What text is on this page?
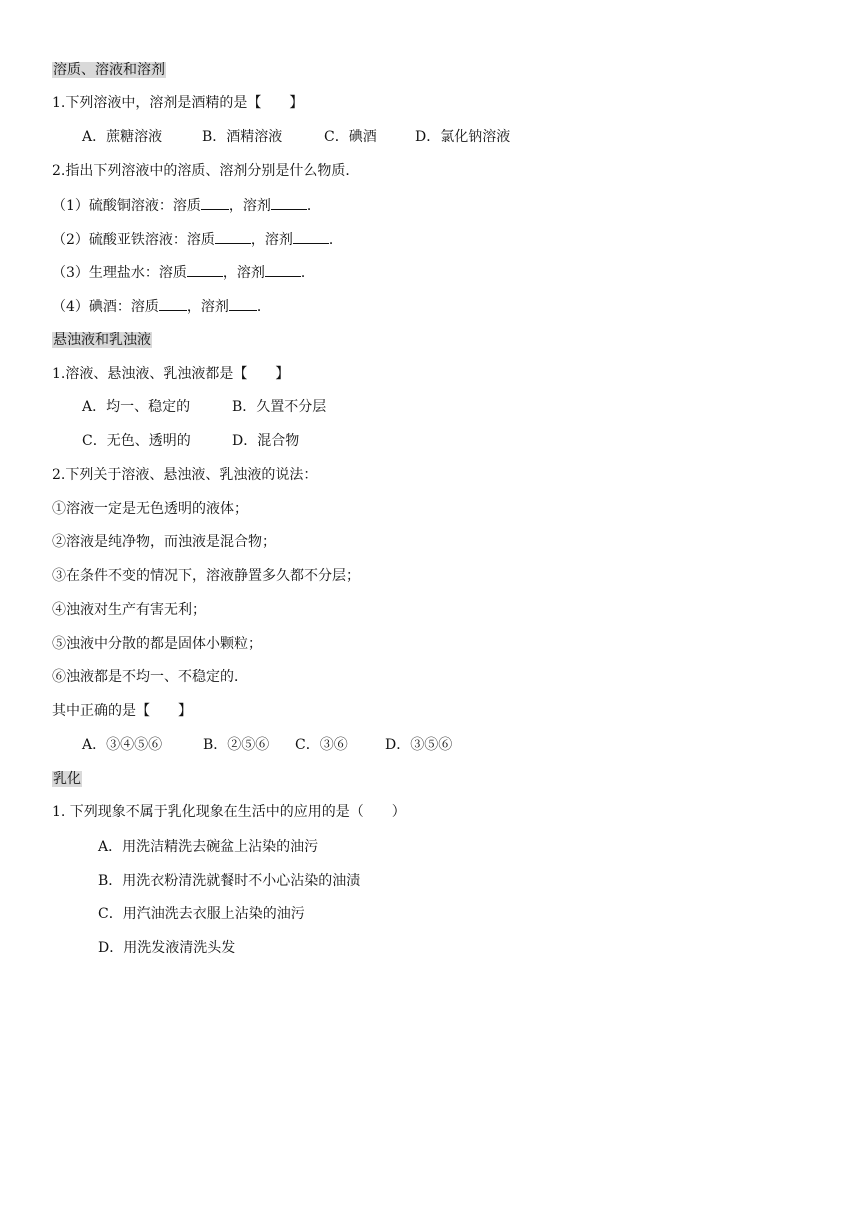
溶质、溶液和溶剂
1.下列溶液中，溶剂是酒精的是【　　】
A．蔗糖溶液	B．酒精溶液	C．碘酒	D．氯化钠溶液
2.指出下列溶液中的溶质、溶剂分别是什么物质．
（1）硫酸铜溶液：溶质 ，溶剂	．
（2）硫酸亚铁溶液：溶质	，溶剂	．
（3）生理盐水：溶质	，溶剂	．
（4）碘酒：溶质 ，溶剂 ．
悬浊液和乳浊液
1.溶液、悬浊液、乳浊液都是【　　】
A．均一、稳定的	B．久置不分层
C．无色、透明的	D．混合物
2.下列关于溶液、悬浊液、乳浊液的说法：
①溶液一定是无色透明的液体；
②溶液是纯净物，而浊液是混合物；
③在条件不变的情况下，溶液静置多久都不分层；
④浊液对生产有害无利；
⑤浊液中分散的都是固体小颗粒；
⑥浊液都是不均一、不稳定的．
其中正确的是【　　】
A．③④⑤⑥	B．②⑤⑥ C．③⑥	D．③⑤⑥
乳化
1. 下列现象不属于乳化现象在生活中的应用的是（　　）
A．用洗洁精洗去碗盆上沾染的油污
B．用洗衣粉清洗就餐时不小心沾染的油渍
C．用汽油洗去衣服上沾染的油污
D．用洗发液清洗头发
